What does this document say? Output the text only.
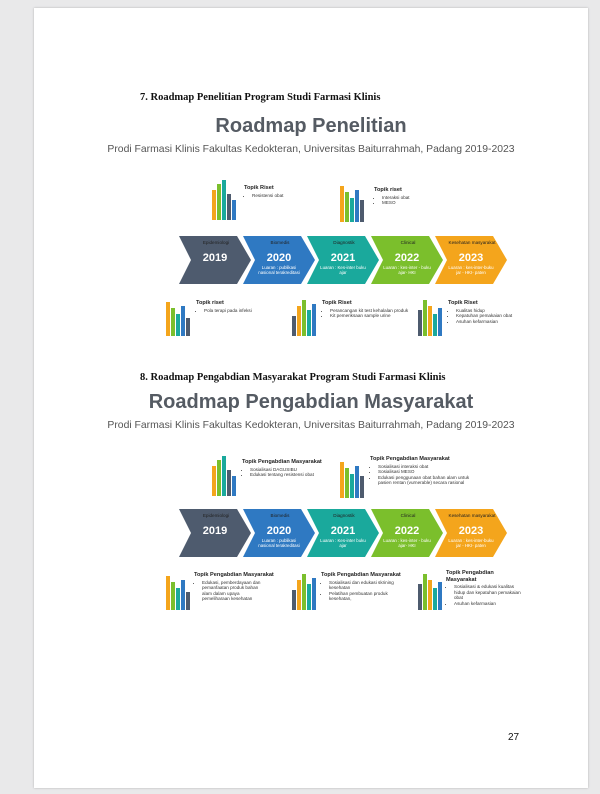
7. Roadmap Penelitian Program Studi Farmasi Klinis
Roadmap Penelitian
Prodi Farmasi Klinis Fakultas Kedokteran, Universitas Baiturrahmah, Padang 2019-2023
Topik Riset
• Resistensi obat
Topik riset
• Interaksi obat
• MESO
Epidemiologi
2019
Biomedis
2020
Luaran : publikasi nasional terakreditasi
Diagnostik
2021
Luaran : Kes-inter buku ajar
Clinical
2022
Luaran : kes-inter - buku ajar- HKI
Kesehatan masyarakat
2023
Luaran : kes-inter-buku jar - HKI- paten
Topik riset
• Pola terapi pada infeksi
Topik Riset
• Perancangan kit test kehalalan produk
• Kit pemeriksaan sample urine
Topik Riset
• Kualitas hidup
• Kepatuhan pemakaian obat
• Asuhan kefarmasian
8. Roadmap Pengabdian Masyarakat Program Studi Farmasi Klinis
Roadmap Pengabdian Masyarakat
Prodi Farmasi Klinis Fakultas Kedokteran, Universitas Baiturrahmah, Padang 2019-2023
Topik Pengabdian Masyarakat
• Sosialisasi DAGUSIBU
• Edukasi tentang resistensi obat
Topik Pengabdian Masyarakat
• Sosialisasi interaksi obat
• Sosialisasi MESO
• Edukasi penggunaan obat bahan alam untuk pasien rentan (vurnerable) secara rasional
Epidemiologi
2019
Biomedis
2020
Luaran : publikasi nasional terakreditasi
Diagnostik
2021
Luaran : Kes-inter buku ajar
Clinical
2022
Luaran : kes-inter - buku ajar- HKI
Kesehatan masyarakat
2023
Luaran : kes-inter-buku jar - HKI- paten
Topik Pengabdian Masyarakat
• Edukasi, pemberdayaan dan pemanfaatan produk bahan alam dalam upaya pemeliharaan kesehatan
Topik Pengabdian Masyarakat
• Sosialisasi dan edukasi skrining kesehatan
• Pelatihan pembuatan produk kesehatan,
Topik Pengabdian Masyarakat
• Sosialisasi & edukasi kualitas hidup dan kepatuhan pemakaian obat
• Asuhan kefarmasian
27
